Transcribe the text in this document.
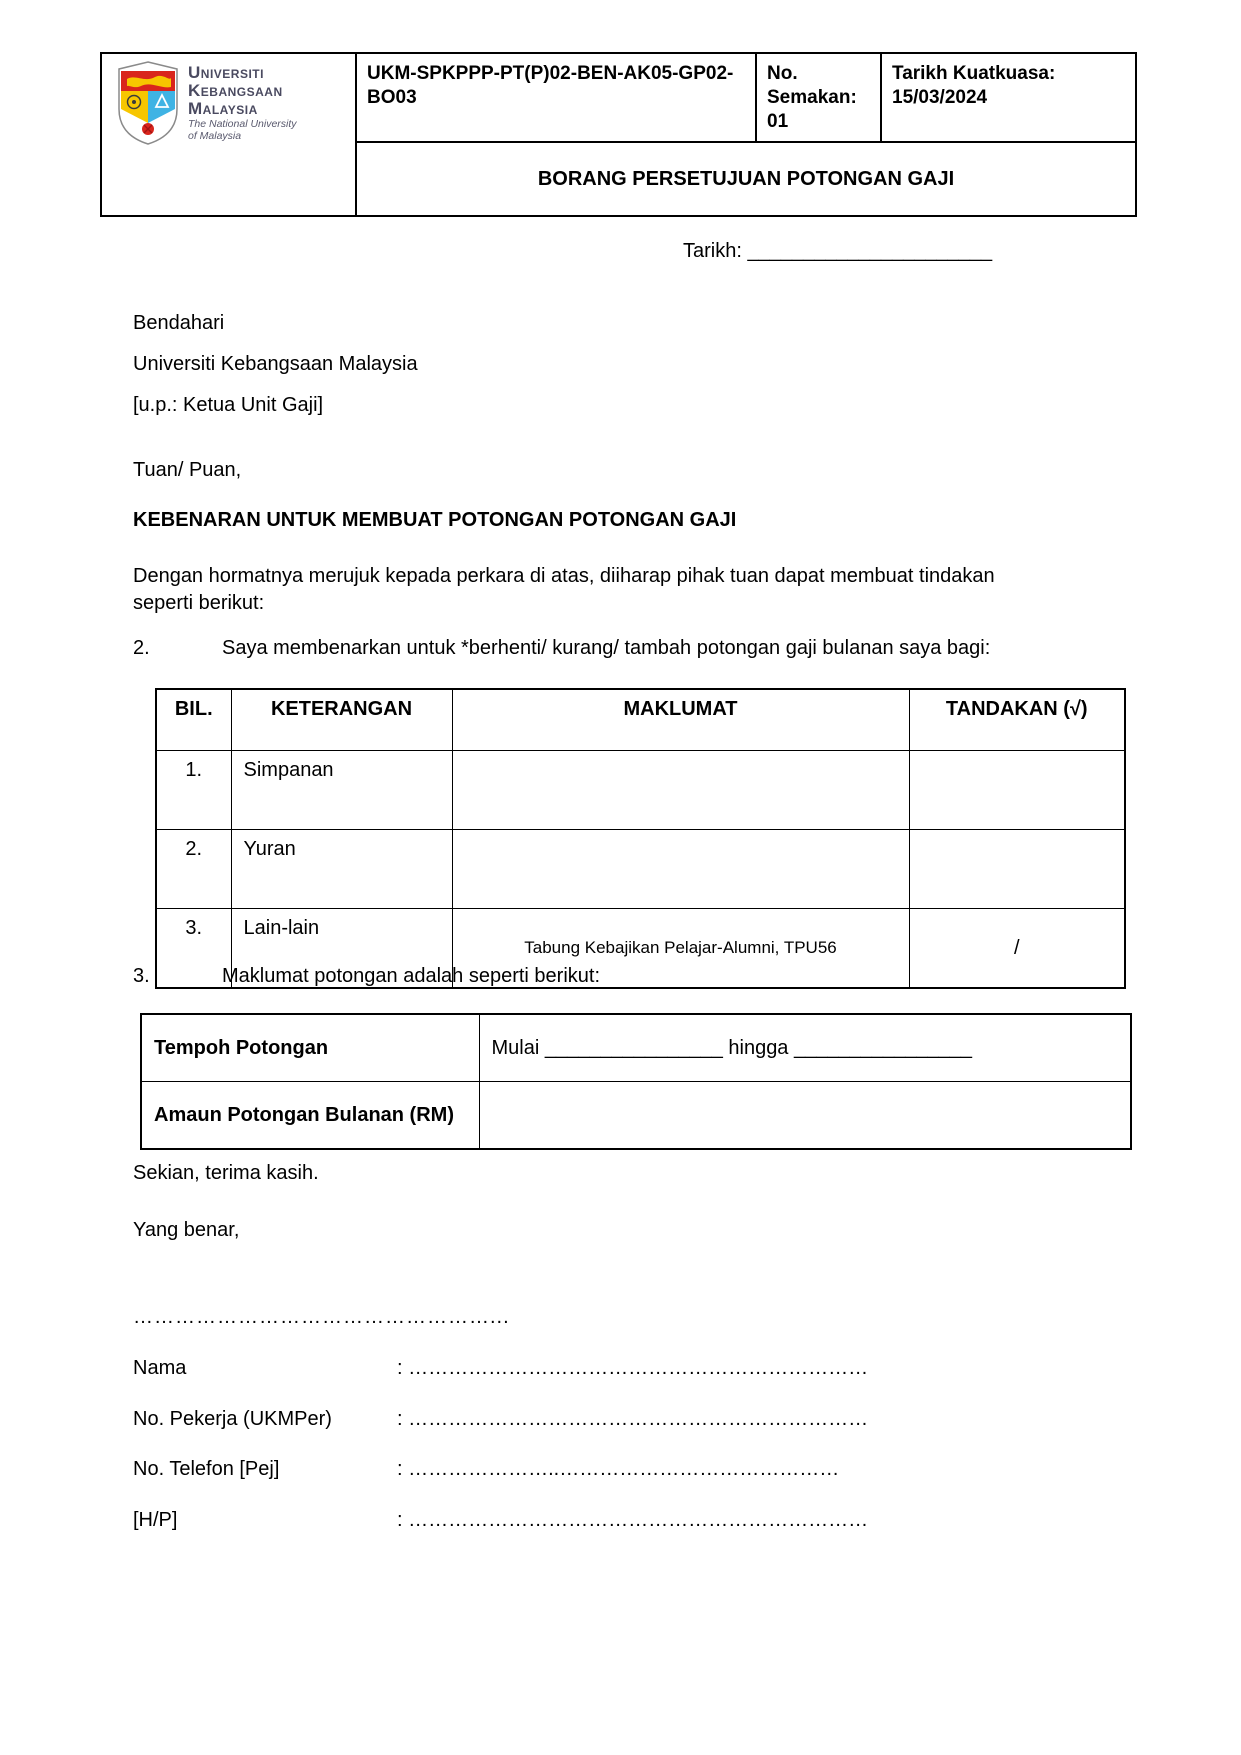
Universiti
Kebangsaan
Malaysia
The National University
of Malaysia
	UKM-SPKPPP-PT(P)02-BEN-AK05-GP02-BO03	
No. Semakan:
01

Tarikh Kuatkuasa:
15/03/2024

BORANG PERSETUJUAN POTONGAN GAJI
Tarikh: ______________________
Bendahari
Universiti Kebangsaan Malaysia
[u.p.: Ketua Unit Gaji]
Tuan/ Puan,
KEBENARAN UNTUK MEMBUAT POTONGAN POTONGAN GAJI
Dengan hormatnya merujuk kepada perkara di atas, diiharap pihak tuan dapat membuat tindakan seperti berikut:
2.	Saya membenarkan untuk *berhenti/ kurang/ tambah potongan gaji bulanan saya bagi:
BIL.	KETERANGAN	MAKLUMAT	TANDAKAN (√)
1.	Simpanan		
2.	Yuran		
3.	Lain-lain	Tabung Kebajikan Pelajar-Alumni, TPU56	/
3.	Maklumat potongan adalah seperti berikut:
Tempoh Potongan	Mulai ________________ hingga ________________
Amaun Potongan Bulanan (RM)	
Sekian, terima kasih.
Yang benar,
……………………………………………...
Nama	: ……………………………………………………………
No. Pekerja (UKMPer)	: ……………………………………………………………
No. Telefon [Pej]	: …………………..……………………………………
[H/P]	: ……………………………………………………………
